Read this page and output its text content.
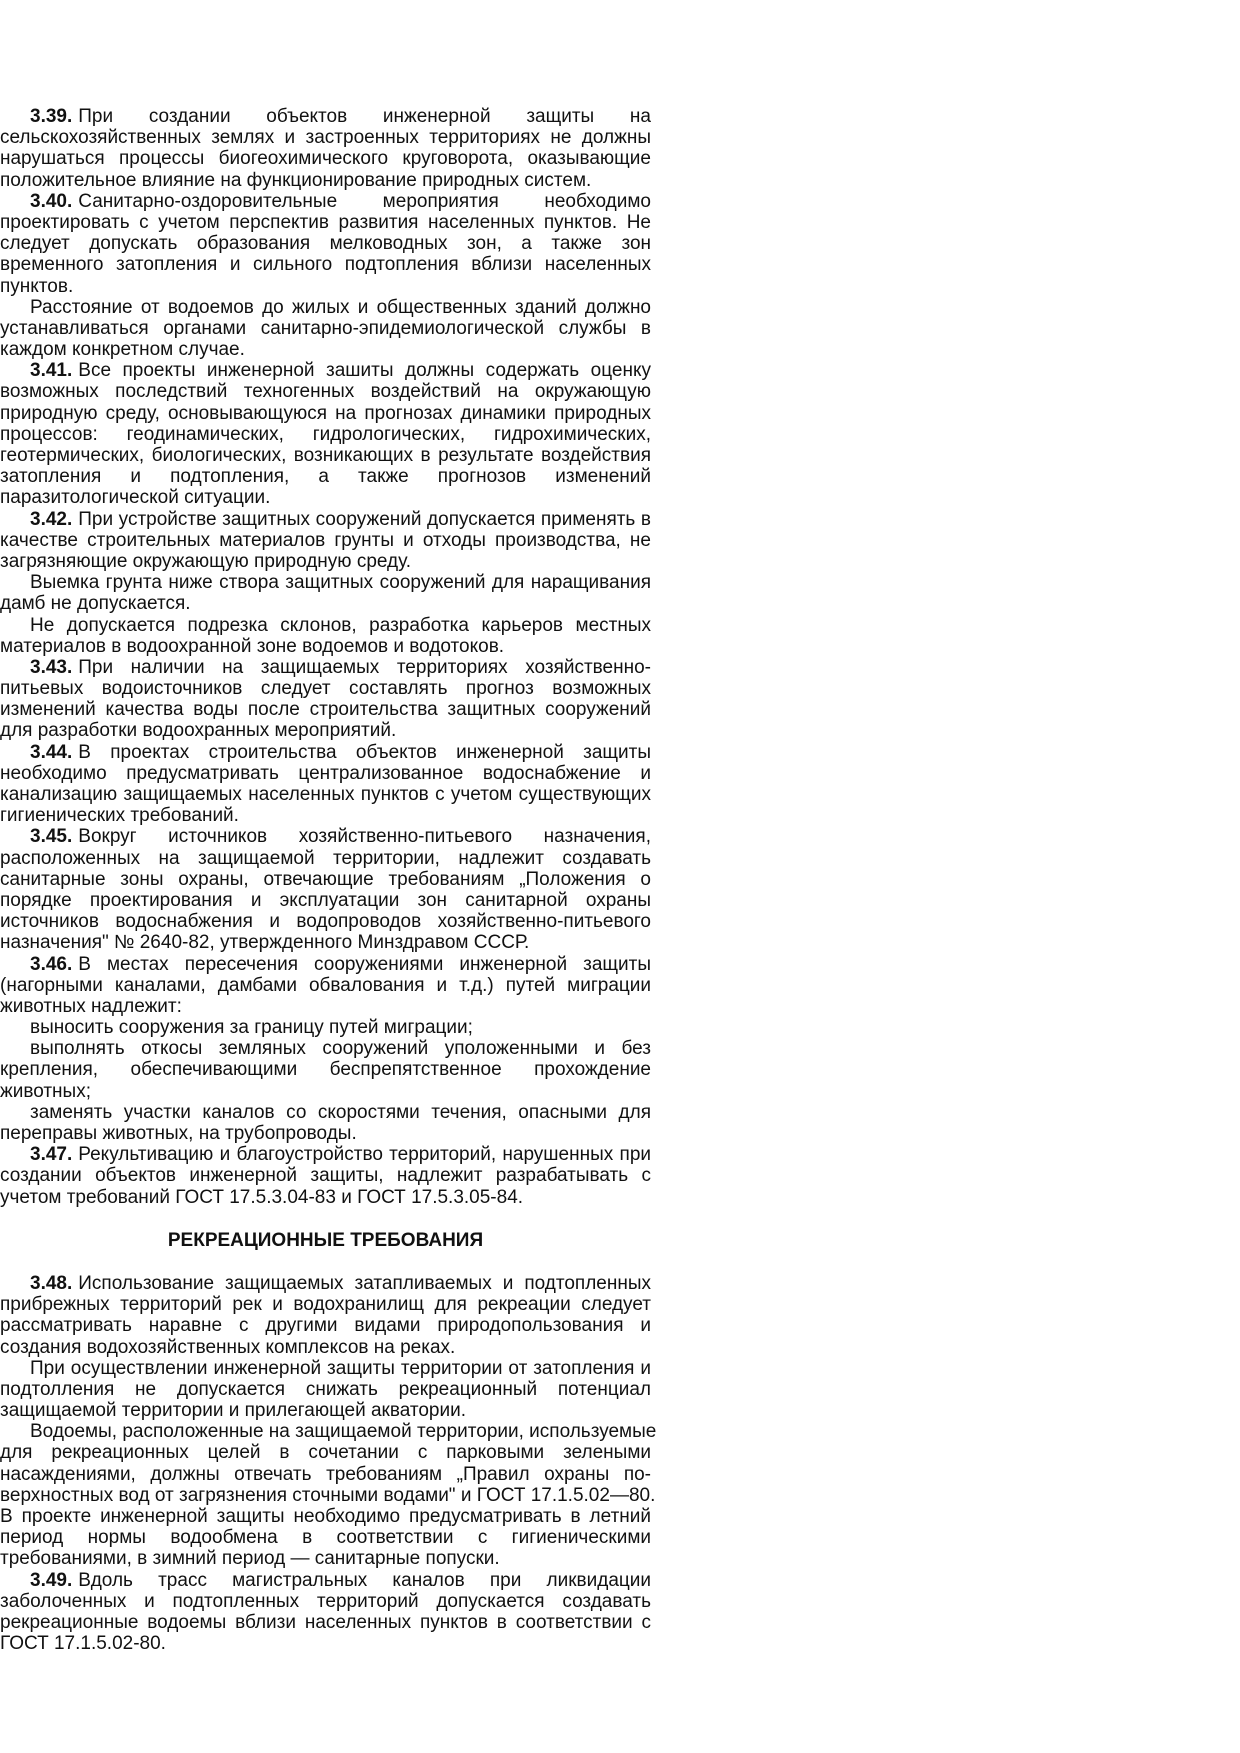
3.39. При создании объектов инженерной защиты на
сельскохозяйственных землях и застроенных территориях не должны
нарушаться процессы биогеохимического круговорота, оказывающие
положительное влияние на функционирование природных систем.
3.40. Санитарно-оздоровительные мероприятия необходимо
проектировать с учетом перспектив развития населенных пунктов. Не
следует допускать образования мелководных зон, а также зон
временного затопления и сильного подтопления вблизи населенных
пунктов.
Расстояние от водоемов до жилых и общественных зданий должно
устанавливаться органами санитарно-эпидемиологической службы в
каждом конкретном случае.
3.41. Все проекты инженерной зашиты должны содержать оценку
возможных последствий техногенных воздействий на окружающую
природную среду, основывающуюся на прогнозах динамики природных
процессов: геодинамических, гидрологических, гидрохимических,
геотермических, биологических, возникающих в результате воздействия
затопления и подтопления, а также прогнозов изменений
паразитологической ситуации.
3.42. При устройстве защитных сооружений допускается применять в
качестве строительных материалов грунты и отходы производства, не
загрязняющие окружающую природную среду.
Выемка грунта ниже створа защитных сооружений для наращивания
дамб не допускается.
Не допускается подрезка склонов, разработка карьеров местных
материалов в водоохранной зоне водоемов и водотоков.
3.43. При наличии на защищаемых территориях хозяйственно-
питьевых водоисточников следует составлять прогноз возможных
изменений качества воды после строительства защитных сооружений
для разработки водоохранных мероприятий.
3.44. В проектах строительства объектов инженерной защиты
необходимо предусматривать централизованное водоснабжение и
канализацию защищаемых населенных пунктов с учетом существующих
гигиенических требований.
3.45. Вокруг источников хозяйственно-питьевого назначения,
расположенных на защищаемой территории, надлежит создавать
санитарные зоны охраны, отвечающие требованиям „Положения о
порядке проектирования и эксплуатации зон санитарной охраны
источников водоснабжения и водопроводов хозяйственно-питьевого
назначения" № 2640-82, утвержденного Минздравом СССР.
3.46. В местах пересечения сооружениями инженерной защиты
(нагорными каналами, дамбами обвалования и т.д.) путей миграции
животных надлежит:
выносить сооружения за границу путей миграции;
выполнять откосы земляных сооружений уположенными и без
крепления, обеспечивающими беспрепятственное прохождение
животных;
заменять участки каналов со скоростями течения, опасными для
переправы животных, на трубопроводы.
3.47. Рекультивацию и благоустройство территорий, нарушенных при
создании объектов инженерной защиты, надлежит разрабатывать с
учетом требований ГОСТ 17.5.3.04-83 и ГОСТ 17.5.3.05-84.
РЕКРЕАЦИОННЫЕ ТРЕБОВАНИЯ
3.48. Использование защищаемых затапливаемых и подтопленных
прибрежных территорий рек и водохранилищ для рекреации следует
рассматривать наравне с другими видами природопользования и
создания водохозяйственных комплексов на реках.
При осуществлении инженерной защиты территории от затопления и
подтолления не допускается снижать рекреационный потенциал
защищаемой территории и прилегающей акватории.
Водоемы, расположенные на защищаемой территории, используемые
для рекреационных целей в сочетании с парковыми зелеными
насаждениями, должны отвечать требованиям „Правил охраны по-
верхностных вод от загрязнения сточными водами" и ГОСТ 17.1.5.02—80.
В проекте инженерной защиты необходимо предусматривать в летний
период нормы водообмена в соответствии с гигиеническими
требованиями, в зимний период — санитарные попуски.
3.49. Вдоль трасс магистральных каналов при ликвидации
заболоченных и подтопленных территорий допускается создавать
рекреационные водоемы вблизи населенных пунктов в соответствии с
ГОСТ 17.1.5.02-80.
